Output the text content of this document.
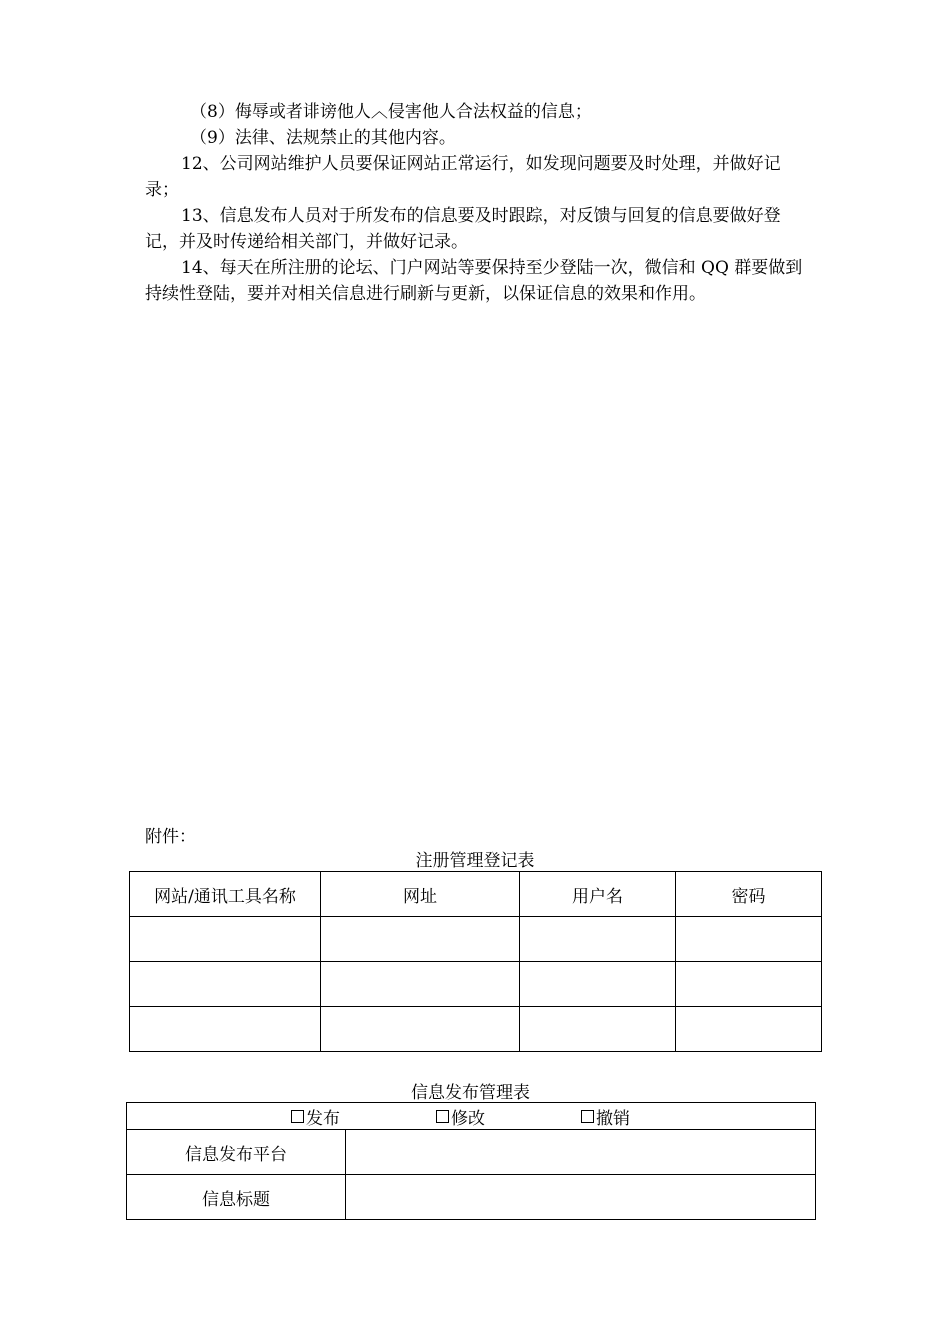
（8）侮辱或者诽谤他人︿侵害他人合法权益的信息；

（9）法律、法规禁止的其他内容。

12、公司网站维护人员要保证网站正常运行，如发现问题要及时处理，并做好记录；

13、信息发布人员对于所发布的信息要及时跟踪，对反馈与回复的信息要做好登记，并及时传递给相关部门，并做好记录。

14、每天在所注册的论坛、门户网站等要保持至少登陆一次，微信和 QQ 群要做到持续性登陆，要并对相关信息进行刷新与更新，以保证信息的效果和作用。

附件：
注册管理登记表
网站/通讯工具名称	网址	用户名	密码

信息发布管理表
发布 修改 撤销	

信息发布平台	
信息标题	
